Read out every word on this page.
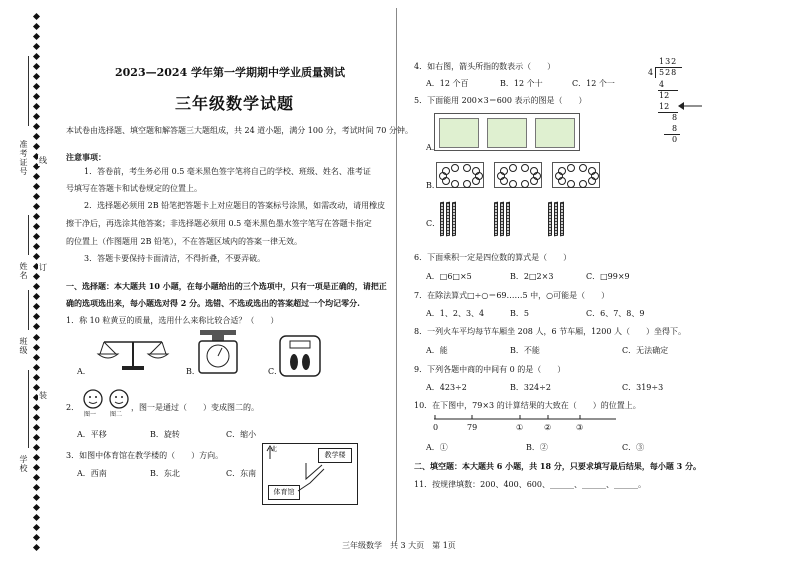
准考证号
姓名
班级
学校
线
订
装
2023—2024 学年第一学期期中学业质量测试
三年级数学试题
本试卷由选择题、填空题和解答题三大题组成，共 24 道小题，满分 100 分，考试时间 70 分钟。
注意事项：
1．答卷前，考生务必用 0.5 毫米黑色签字笔将自己的学校、班级、姓名、准考证
号填写在答题卡和试卷规定的位置上。
2．选择题必须用 2B 铅笔把答题卡上对应题目的答案标号涂黑，如需改动，请用橡皮
擦干净后，再选涂其他答案；非选择题必须用 0.5 毫米黑色墨水签字笔写在答题卡指定
的位置上（作图题用 2B 铅笔），不在答题区域内的答案一律无效。
3．答题卡要保持卡面清洁，不得折叠，不要弄破。
一、选择题：本大题共 10 小题，在每小题给出的三个选项中，只有一项是正确的，请把正
确的选项选出来，每小题选对得 2 分。选错、不选或选出的答案超过一个均记零分.
1．称 10 粒黄豆的质量，选用什么来称比较合适？（　　）
A．	B．	C．
2．
图一 图二
，图一是通过（　　）变成图二的。
A．平移	B．旋转	C．缩小
3．如图中体育馆在教学楼的（　　）方向。
A．西南	B．东北	C．东南
北
教学楼
体育馆
4．如右图，箭头所指的数表示（　　）
A．12 个百	B．12 个十	C．12 个一
132
4 528
4
12
12
8
8
0
5．下面能用 200×3＝600 表示的图是（　　）
A．
B．
C．
6．下面乘积一定是四位数的算式是（　　）
A．□6□×5	B．2□2×3	C．□99×9
7．在除法算式□÷○＝69……5 中，○可能是（　　）
A．1、2、3、4	B．5	C．6、7、8、9
8．一列火车平均每节车厢坐 208 人，6 节车厢，1200 人（　　）坐得下。
A．能	B．不能	C．无法确定
9．下列各题中商的中间有 0 的是（　　）
A．423÷2	B．324÷2	C．319÷3
10．在下图中，79×3 的计算结果的大致在（　　）的位置上。
0	79	①	②	③
A．①	B．②	C．③
二、填空题：本大题共 6 小题，共 18 分，只要求填写最后结果，每小题 3 分。
11．按规律填数：200、400、600、______、______、______。
三年级数学　共 3 大页　第 1页
